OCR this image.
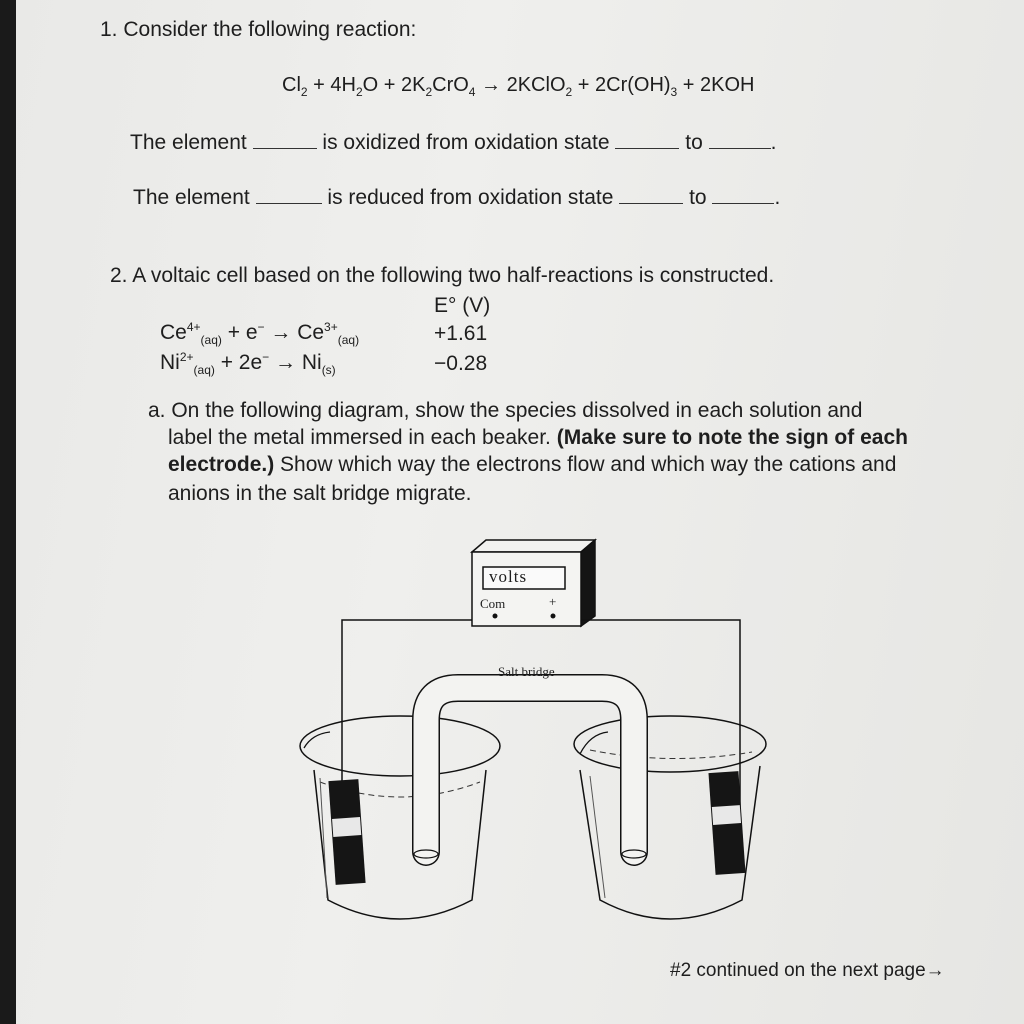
1. Consider the following reaction:
$Cl_2 + 4H_2O + 2K_2CrO_4$ → 2KClO$_2$ + $2Cr(OH)_3 + 2KOH$
The element	is oxidized from oxidation state	to	.
The element	is reduced from oxidation state	to	.
2. A voltaic cell based on the following two half-reactions is constructed.
E° (V)
$Ce^{4+}_{(aq)} + e^- \to Ce^{3+}_{(aq)}$	+1.61
$Ni^{2+}_{(aq)} + 2e^- \to Ni_{(s)}$	−0.28
a. On the following diagram, show the species dissolved in each solution and
label the metal immersed in each beaker. (Make sure to note the sign of each
electrode.) Show which way the electrons flow and which way the cations and
anions in the salt bridge migrate.
volts
Com	+
Salt bridge
#2 continued on the next page→
